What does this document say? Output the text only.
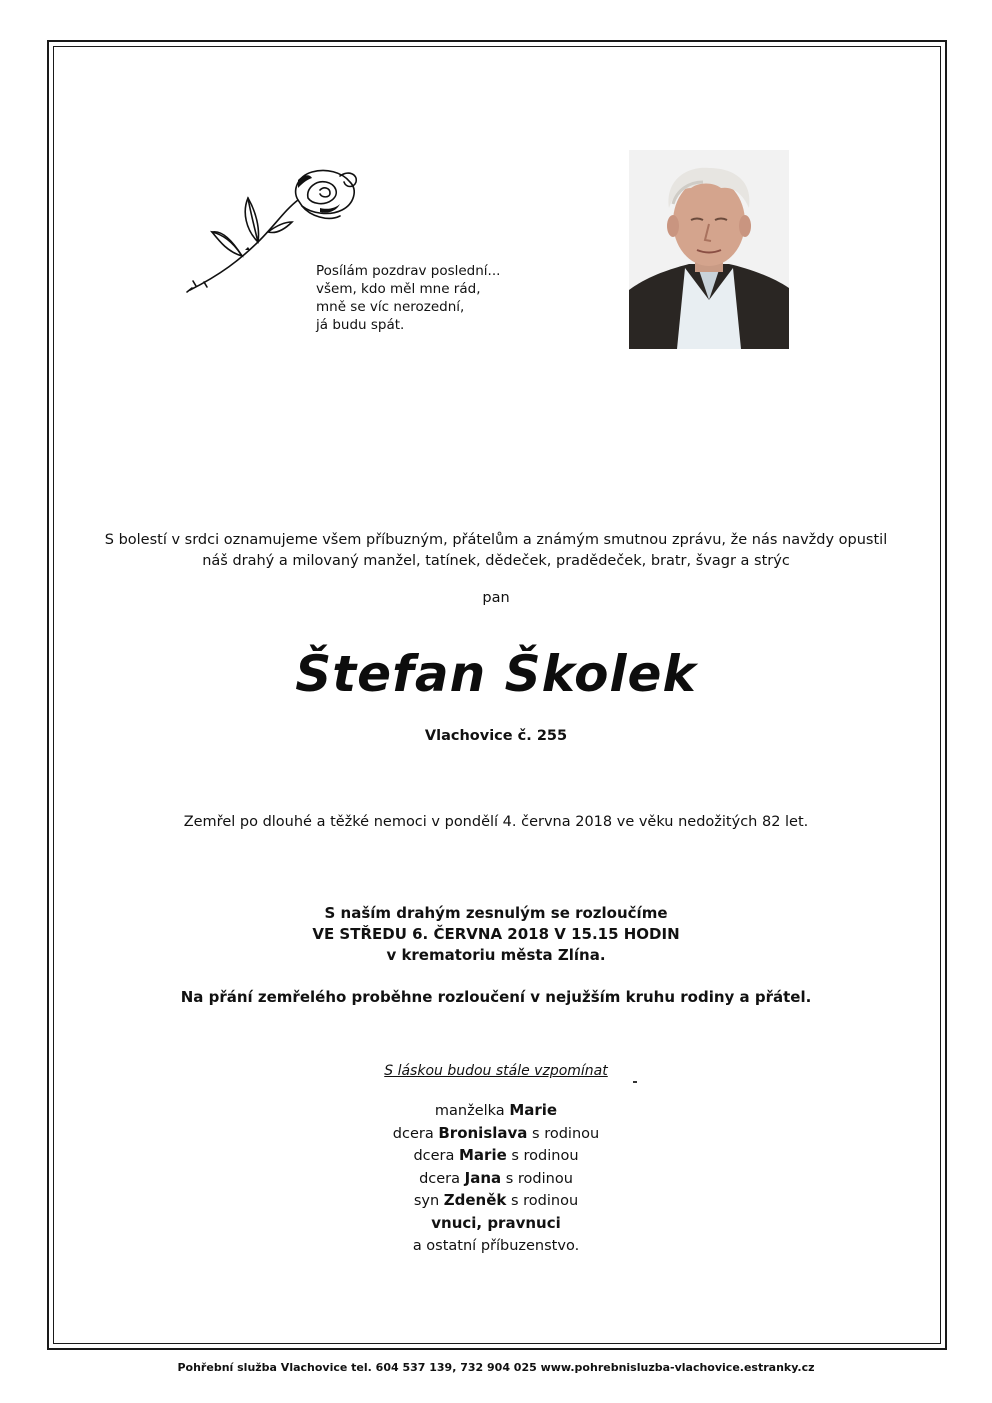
Posílám pozdrav poslední...
všem, kdo měl mne rád,
mně se víc nerozední,
já budu spát.
S bolestí v srdci oznamujeme všem příbuzným, přátelům a známým smutnou zprávu, že nás navždy opustil
náš drahý a milovaný manžel, tatínek, dědeček, pradědeček, bratr, švagr a strýc
pan
Štefan Školek
Vlachovice č. 255
Zemřel po dlouhé a těžké nemoci v pondělí 4. června 2018 ve věku nedožitých 82 let.
S naším drahým zesnulým se rozloučíme
VE STŘEDU 6. ČERVNA 2018 V 15.15 HODIN
v krematoriu města Zlína.
Na přání zemřelého proběhne rozloučení v nejužším kruhu rodiny a přátel.
S láskou budou stále vzpomínat
manželka Marie
dcera Bronislava s rodinou
dcera Marie s rodinou
dcera Jana s rodinou
syn Zdeněk s rodinou
vnuci, pravnuci
a ostatní příbuzenstvo.
Pohřební služba Vlachovice tel. 604 537 139, 732 904 025 www.pohrebnisluzba-vlachovice.estranky.cz
